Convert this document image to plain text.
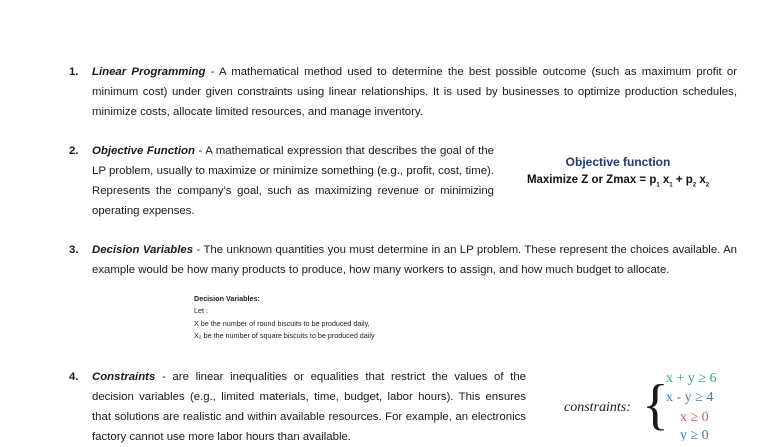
1. Linear Programming - A mathematical method used to determine the best possible outcome (such as maximum profit or minimum cost) under given constraints using linear relationships. It is used by businesses to optimize production schedules, minimize costs, allocate limited resources, and manage inventory.
2. Objective Function - A mathematical expression that describes the goal of the LP problem, usually to maximize or minimize something (e.g., profit, cost, time). Represents the company's goal, such as maximizing revenue or minimizing operating expenses.
Objective function
Maximize Z or $Zmax = p_1$ $x_1 + p_2$ $x_2$
3. Decision Variables - The unknown quantities you must determine in an LP problem. These represent the choices available. An example would be how many products to produce, how many workers to assign, and how much budget to allocate.
Decision Variables:
Let :
X be the number of round biscuits to be produced daily,
X₂ be the number of square biscuits to be produced daily
4. Constraints - are linear inequalities or equalities that restrict the values of the decision variables (e.g., limited materials, time, budget, labor hours). This ensures that solutions are realistic and within available resources. For example, an electronics factory cannot use more labor hours than available.
constraints: {
x + y ≥ 6
x - y ≥ 4
x ≥ 0
y ≥ 0
